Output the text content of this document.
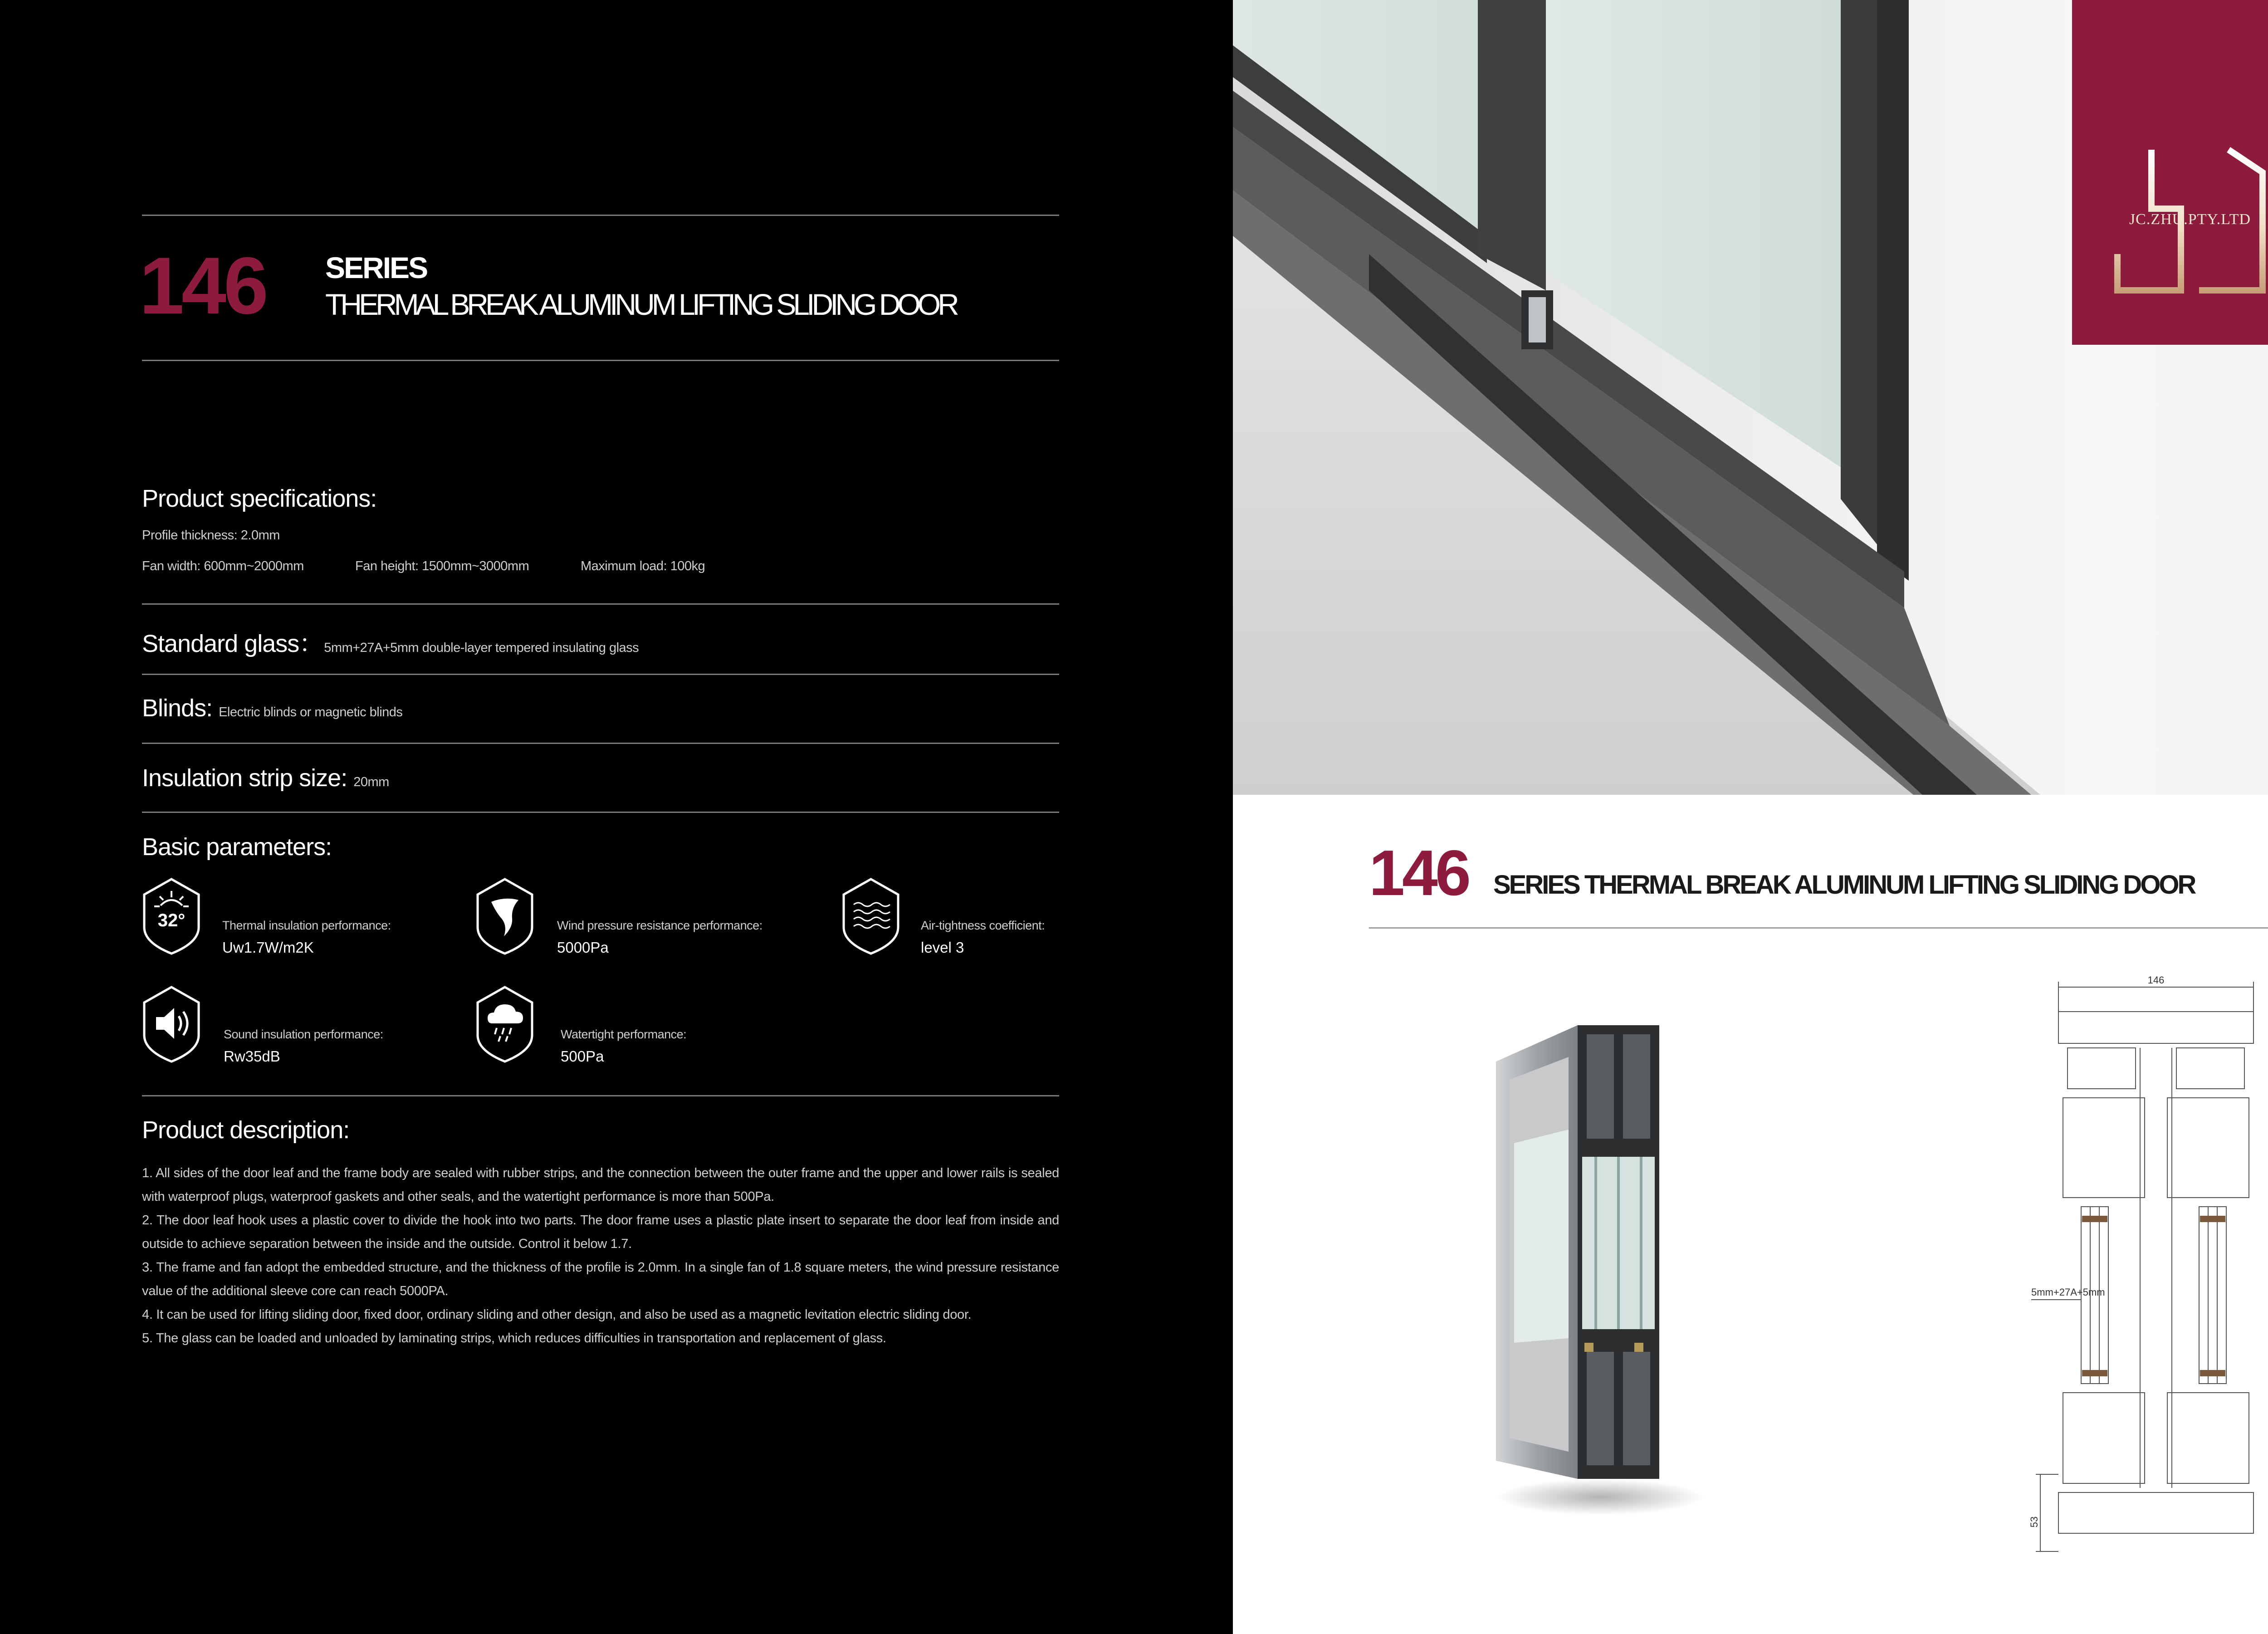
146 SERIES
THERMAL BREAK ALUMINUM LIFTING SLIDING DOOR
Product specifications:
Profile thickness: 2.0mm
Fan width: 600mm~2000mm	Fan height: 1500mm~3000mm	Maximum load: 100kg
Standard glass：5mm+27A+5mm double-layer tempered insulating glass
Blinds: Electric blinds or magnetic blinds
Insulation strip size: 20mm
Basic parameters:
32°	Thermal insulation performance:
Uw1.7W/m2K
Wind pressure resistance performance:
5000Pa
Air-tightness coefficient:
level 3
Sound insulation performance:
Rw35dB
Watertight performance:
500Pa
Product description:

1. All sides of the door leaf and the frame body are sealed with rubber strips, and the connection between the outer frame and the upper and lower rails is sealed with waterproof plugs, waterproof gaskets and other seals, and the watertight performance is more than 500Pa.

2. The door leaf hook uses a plastic cover to divide the hook into two parts. The door frame uses a plastic plate insert to separate the door leaf from inside and outside to achieve separation between the inside and the outside. Control it below 1.7.

3. The frame and fan adopt the embedded structure, and the thickness of the profile is 2.0mm. In a single fan of 1.8 square meters, the wind pressure resistance value of the additional sleeve core can reach 5000PA.

4. It can be used for lifting sliding door, fixed door, ordinary sliding and other design, and also be used as a magnetic levitation electric sliding door.

5. The glass can be loaded and unloaded by laminating strips, which reduces difficulties in transportation and replacement of glass.

JC.ZHU.PTY.LTD
146 SERIES THERMAL BREAK ALUMINUM LIFTING SLIDING DOOR
146
5mm+27A+5mm
53
